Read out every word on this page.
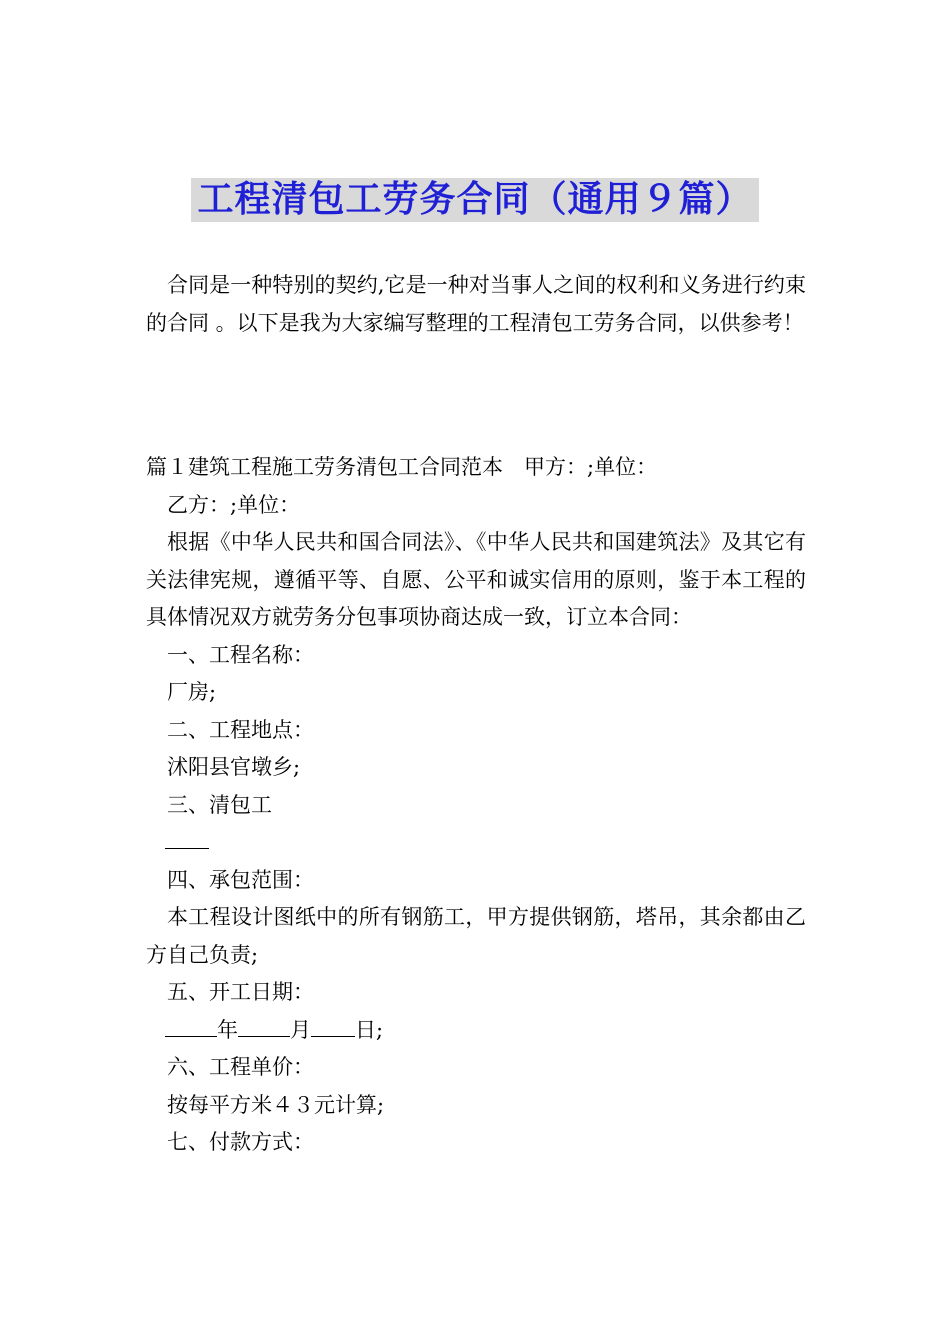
工程清包工劳务合同（通用９篇）

合同是一种特别的契约,它是一种对当事人之间的权利和义务进行约束的合同 。以下是我为大家编写整理的工程清包工劳务合同，以供参考！

篇１建筑工程施工劳务清包工合同范本　甲方：;单位：

乙方：;单位：

根据《中华人民共和国合同法》、《中华人民共和国建筑法》及其它有关法律宪规，遵循平等、自愿、公平和诚实信用的原则，鉴于本工程的具体情况双方就劳务分包事项协商达成一致，订立本合同：

一、工程名称：

厂房;

二、工程地点：

沭阳县官墩乡;

三、清包工

四、承包范围：

本工程设计图纸中的所有钢筋工，甲方提供钢筋，塔吊，其余都由乙方自己负责;

五、开工日期：

年 月 日;

六、工程单价：

按每平方米４３元计算;

七、付款方式：
